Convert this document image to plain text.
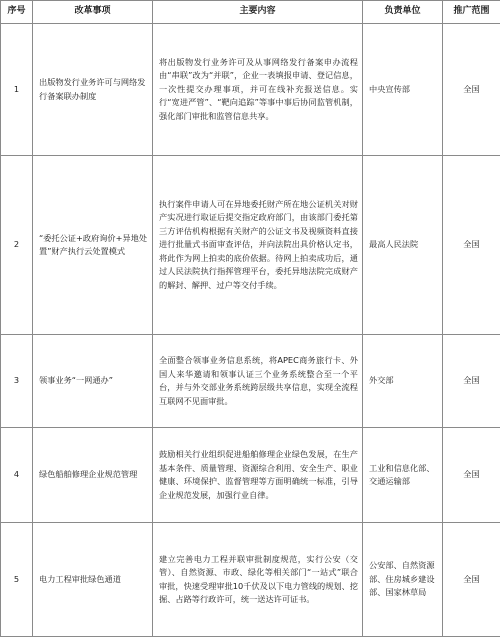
序号	改革事项	主要内容	负责单位	推广范围
1	出版物发行业务许可与网络发行备案联办制度	将出版物发行业务许可及从事网络发行备案申办流程由“串联”改为“并联”，企业一表填报申请、登记信息，一次性提交办理事项，并可在线补充报送信息。实行“宽进严管”、“靶向追踪”等事中事后协同监管机制，强化部门审批和监管信息共享。	中央宣传部	全国
2	“委托公证+政府询价+异地处置”财产执行云处置模式	执行案件申请人可在异地委托财产所在地公证机关对财产实况进行取证后提交指定政府部门，由该部门委托第三方评估机构根据有关财产的公证文书及视频资料直接进行批量式书面审查评估，并向法院出具价格认定书，将此作为网上拍卖的底价依据。待网上拍卖成功后，通过人民法院执行指挥管理平台，委托异地法院完成财产的解封、解押、过户等交付手续。	最高人民法院	全国
3	领事业务“一网通办”	全面整合领事业务信息系统，将APEC商务旅行卡、外国人来华邀请和领事认证三个业务系统整合至一个平台，并与外交部业务系统跨层级共享信息，实现全流程互联网不见面审批。	外交部	全国
4	绿色船舶修理企业规范管理	鼓励相关行业组织促进船舶修理企业绿色发展，在生产基本条件、质量管理、资源综合利用、安全生产、职业健康、环境保护、监督管理等方面明确统一标准，引导企业规范发展，加强行业自律。	工业和信息化部、交通运输部	全国
5	电力工程审批绿色通道	建立完善电力工程并联审批制度规范，实行公安（交管）、自然资源、市政、绿化等相关部门“一站式”联合审批，快速受理审批10千伏及以下电力管线的规划、挖掘、占路等行政许可，统一送达许可证书。	公安部、自然资源部、住房城乡建设部、国家林草局	全国
